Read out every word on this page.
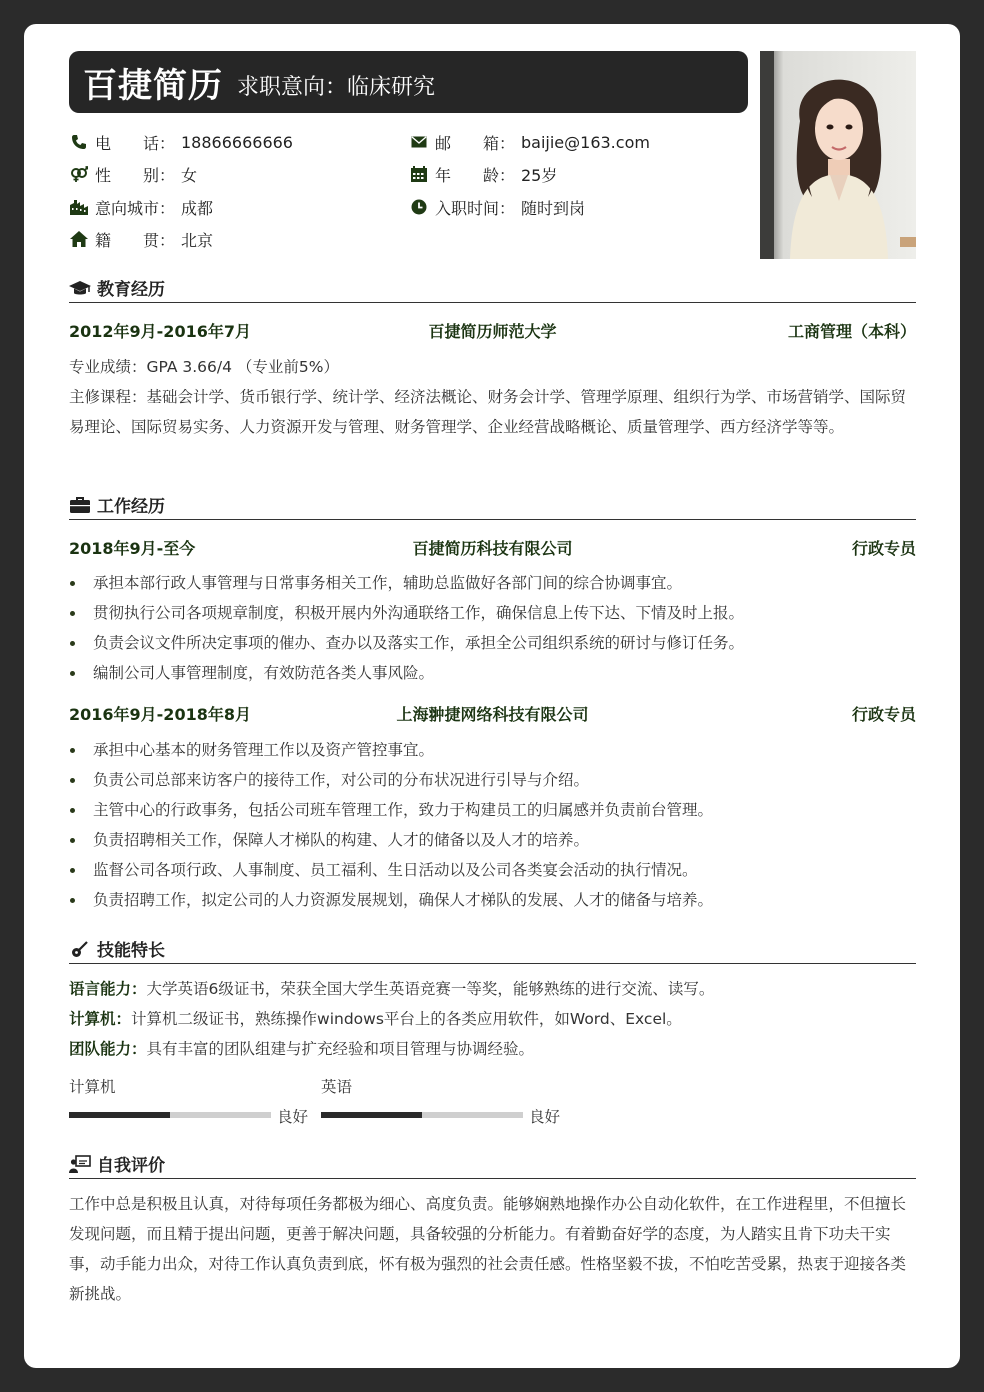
百捷简历 求职意向：临床研究
电　　话： 18866666666	邮　　箱： baijie@163.com
性　　别： 女	年　　龄： 25岁
意向城市： 成都	入职时间： 随时到岗
籍　　贯： 北京
教育经历
2012年9月-2016年7月	百捷简历师范大学	工商管理（本科）
专业成绩：GPA 3.66/4 （专业前5%）
主修课程：基础会计学、货币银行学、统计学、经济法概论、财务会计学、管理学原理、组织行为学、市场营销学、国际贸易理论、国际贸易实务、人力资源开发与管理、财务管理学、企业经营战略概论、质量管理学、西方经济学等等。
工作经历
2018年9月-至今	百捷简历科技有限公司	行政专员
承担本部行政人事管理与日常事务相关工作，辅助总监做好各部门间的综合协调事宜。
贯彻执行公司各项规章制度，积极开展内外沟通联络工作，确保信息上传下达、下情及时上报。
负责会议文件所决定事项的催办、查办以及落实工作，承担全公司组织系统的研讨与修订任务。
编制公司人事管理制度，有效防范各类人事风险。
2016年9月-2018年8月	上海翀捷网络科技有限公司	行政专员
承担中心基本的财务管理工作以及资产管控事宜。
负责公司总部来访客户的接待工作，对公司的分布状况进行引导与介绍。
主管中心的行政事务，包括公司班车管理工作，致力于构建员工的归属感并负责前台管理。
负责招聘相关工作，保障人才梯队的构建、人才的储备以及人才的培养。
监督公司各项行政、人事制度、员工福利、生日活动以及公司各类宴会活动的执行情况。
负责招聘工作，拟定公司的人力资源发展规划，确保人才梯队的发展、人才的储备与培养。
技能特长
语言能力：大学英语6级证书，荣获全国大学生英语竞赛一等奖，能够熟练的进行交流、读写。
计算机：计算机二级证书，熟练操作windows平台上的各类应用软件，如Word、Excel。
团队能力：具有丰富的团队组建与扩充经验和项目管理与协调经验。
计算机
良好
英语
良好
自我评价
工作中总是积极且认真，对待每项任务都极为细心、高度负责。能够娴熟地操作办公自动化软件，在工作进程里，不但擅长发现问题，而且精于提出问题，更善于解决问题，具备较强的分析能力。有着勤奋好学的态度，为人踏实且肯下功夫干实事，动手能力出众，对待工作认真负责到底，怀有极为强烈的社会责任感。性格坚毅不拔，不怕吃苦受累，热衷于迎接各类新挑战。
